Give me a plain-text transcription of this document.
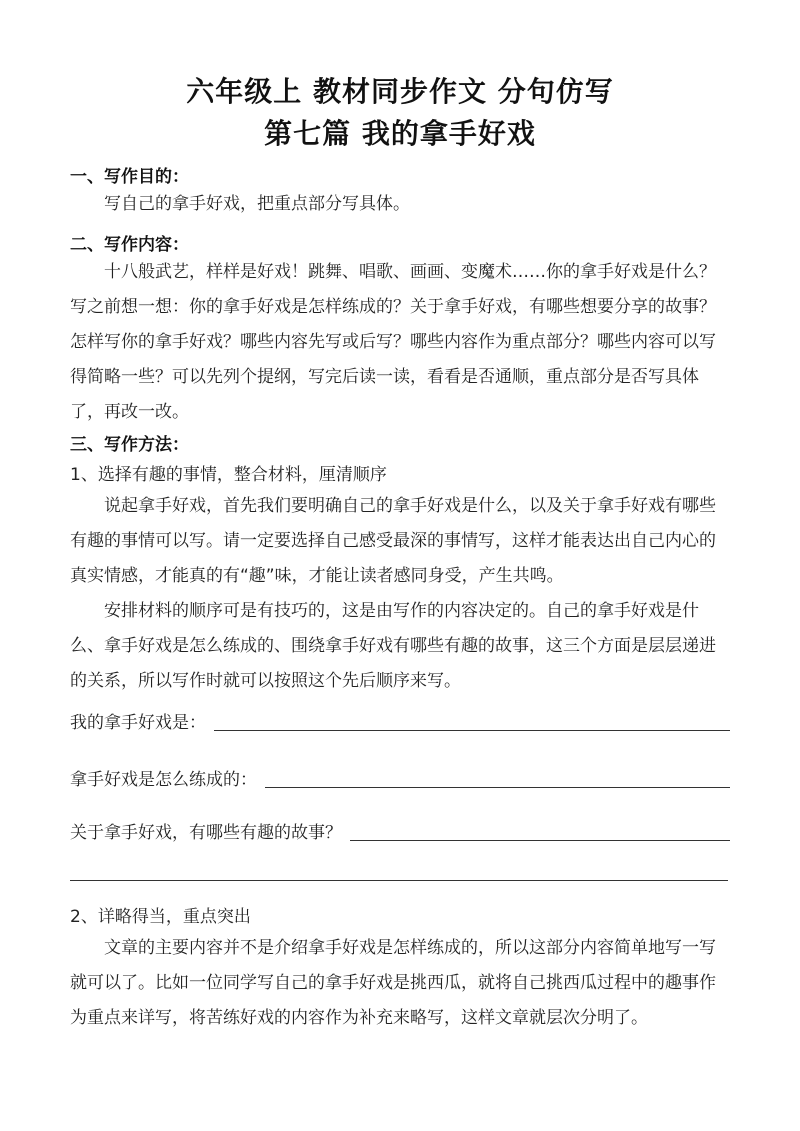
六年级上 教材同步作文 分句仿写
第七篇 我的拿手好戏
一、写作目的：
写自己的拿手好戏，把重点部分写具体。
二、写作内容：
十八般武艺，样样是好戏！跳舞、唱歌、画画、变魔术……你的拿手好戏是什么？写之前想一想：你的拿手好戏是怎样练成的？关于拿手好戏，有哪些想要分享的故事？怎样写你的拿手好戏？哪些内容先写或后写？哪些内容作为重点部分？哪些内容可以写得简略一些？可以先列个提纲，写完后读一读，看看是否通顺，重点部分是否写具体了，再改一改。
三、写作方法：
1、选择有趣的事情，整合材料，厘清顺序
说起拿手好戏，首先我们要明确自己的拿手好戏是什么，以及关于拿手好戏有哪些有趣的事情可以写。请一定要选择自己感受最深的事情写，这样才能表达出自己内心的真实情感，才能真的有“趣”味，才能让读者感同身受，产生共鸣。
安排材料的顺序可是有技巧的，这是由写作的内容决定的。自己的拿手好戏是什么、拿手好戏是怎么练成的、围绕拿手好戏有哪些有趣的故事，这三个方面是层层递进的关系，所以写作时就可以按照这个先后顺序来写。
我的拿手好戏是：
拿手好戏是怎么练成的：
关于拿手好戏，有哪些有趣的故事？
2、详略得当，重点突出
文章的主要内容并不是介绍拿手好戏是怎样练成的，所以这部分内容简单地写一写就可以了。比如一位同学写自己的拿手好戏是挑西瓜，就将自己挑西瓜过程中的趣事作为重点来详写，将苦练好戏的内容作为补充来略写，这样文章就层次分明了。
